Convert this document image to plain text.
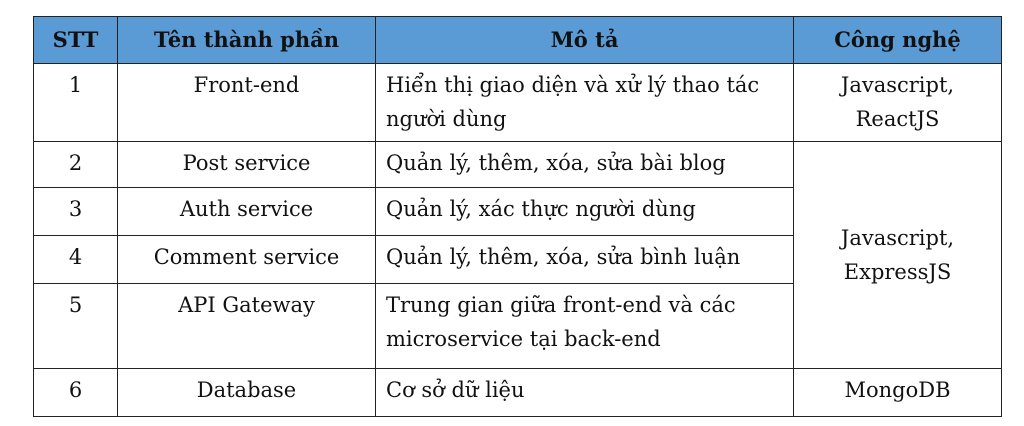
STT	Tên thành phần	Mô tả	Công nghệ
1	Front-end	Hiển thị giao diện và xử lý thao tác người dùng	Javascript, ReactJS
2	Post service	Quản lý, thêm, xóa, sửa bài blog	Javascript, ExpressJS
3	Auth service	Quản lý, xác thực người dùng	
4	Comment service	Quản lý, thêm, xóa, sửa bình luận	
5	API Gateway	Trung gian giữa front-end và các microservice tại back-end	
6	Database	Cơ sở dữ liệu	MongoDB
